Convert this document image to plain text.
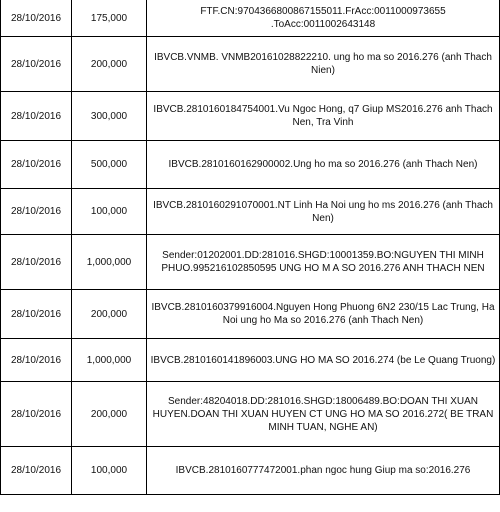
28/10/2016	175,000	FTF.CN:9704366800867155011.FrAcc:0011000973655 .ToAcc:0011002643148
28/10/2016	200,000	IBVCB.VNMB. VNMB20161028822210. ung ho ma so 2016.276 (anh Thach Nien)
28/10/2016	300,000	IBVCB.2810160184754001.Vu Ngoc Hong, q7 Giup MS2016.276 anh Thach Nen, Tra Vinh
28/10/2016	500,000	IBVCB.2810160162900002.Ung ho ma so 2016.276 (anh Thach Nen)
28/10/2016	100,000	IBVCB.2810160291070001.NT Linh Ha Noi ung ho ms 2016.276 (anh Thach Nen)
28/10/2016	1,000,000	Sender:01202001.DD:281016.SHGD:10001359.BO:NGUYEN THI MINH PHUO.995216102850595 UNG HO M A SO 2016.276 ANH THACH NEN
28/10/2016	200,000	IBVCB.2810160379916004.Nguyen Hong Phuong 6N2 230/15 Lac Trung, Ha Noi ung ho Ma so 2016.276 (anh Thach Nen)
28/10/2016	1,000,000	IBVCB.2810160141896003.UNG HO MA SO 2016.274 (be Le Quang Truong)
28/10/2016	200,000	Sender:48204018.DD:281016.SHGD:18006489.BO:DOAN THI XUAN HUYEN.DOAN THI XUAN HUYEN CT UNG HO MA SO 2016.272( BE TRAN MINH TUAN, NGHE AN)
28/10/2016	100,000	IBVCB.2810160777472001.phan ngoc hung Giup ma so:2016.276
